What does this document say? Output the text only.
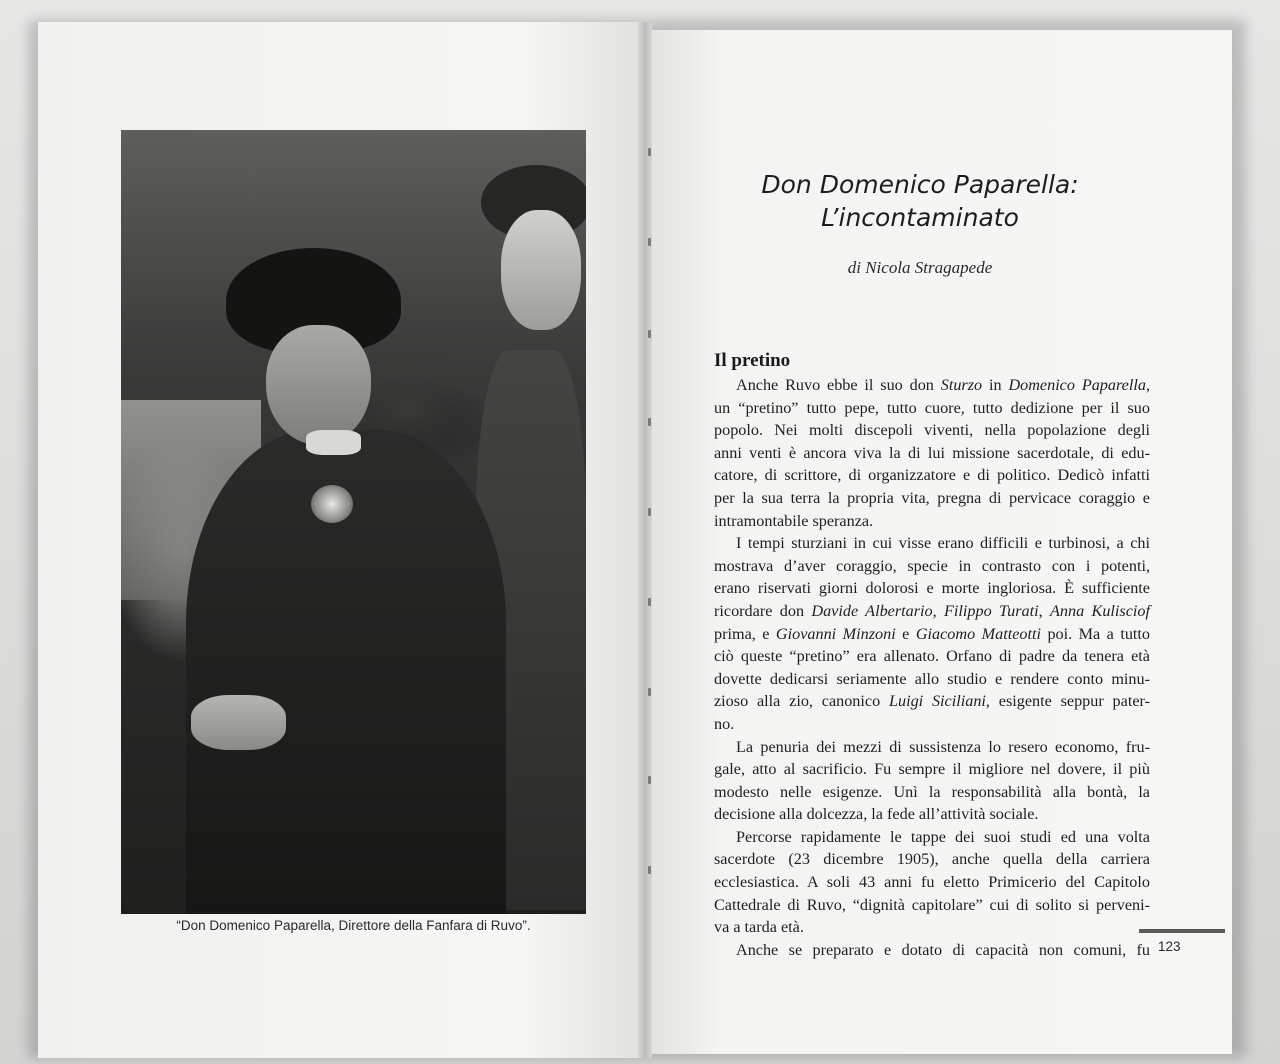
“Don Domenico Paparella, Direttore della Fanfara di Ruvo”.
Don Domenico Paparella:
L’incontaminato
di Nicola Stragapede
Il pretino
Anche Ruvo ebbe il suo don Sturzo in Domenico Paparella,
un “pretino” tutto pepe, tutto cuore, tutto dedizione per il suo
popolo. Nei molti discepoli viventi, nella popolazione degli
anni venti è ancora viva la di lui missione sacerdotale, di edu-
catore, di scrittore, di organizzatore e di politico. Dedicò infatti
per la sua terra la propria vita, pregna di pervicace coraggio e
intramontabile speranza.
I tempi sturziani in cui visse erano difficili e turbinosi, a chi
mostrava d’aver coraggio, specie in contrasto con i potenti,
erano riservati giorni dolorosi e morte ingloriosa. È sufficiente
ricordare don Davide Albertario, Filippo Turati, Anna Kulisciof
prima, e Giovanni Minzoni e Giacomo Matteotti poi. Ma a tutto
ciò queste “pretino” era allenato. Orfano di padre da tenera età
dovette dedicarsi seriamente allo studio e rendere conto minu-
zioso alla zio, canonico Luigi Siciliani, esigente seppur pater-
no.
La penuria dei mezzi di sussistenza lo resero economo, fru-
gale, atto al sacrificio. Fu sempre il migliore nel dovere, il più
modesto nelle esigenze. Unì la responsabilità alla bontà, la
decisione alla dolcezza, la fede all’attività sociale.
Percorse rapidamente le tappe dei suoi studi ed una volta
sacerdote (23 dicembre 1905), anche quella della carriera
ecclesiastica. A soli 43 anni fu eletto Primicerio del Capitolo
Cattedrale di Ruvo, “dignità capitolare” cui di solito si perveni-
va a tarda età.
Anche se preparato e dotato di capacità non comuni, fu 123
